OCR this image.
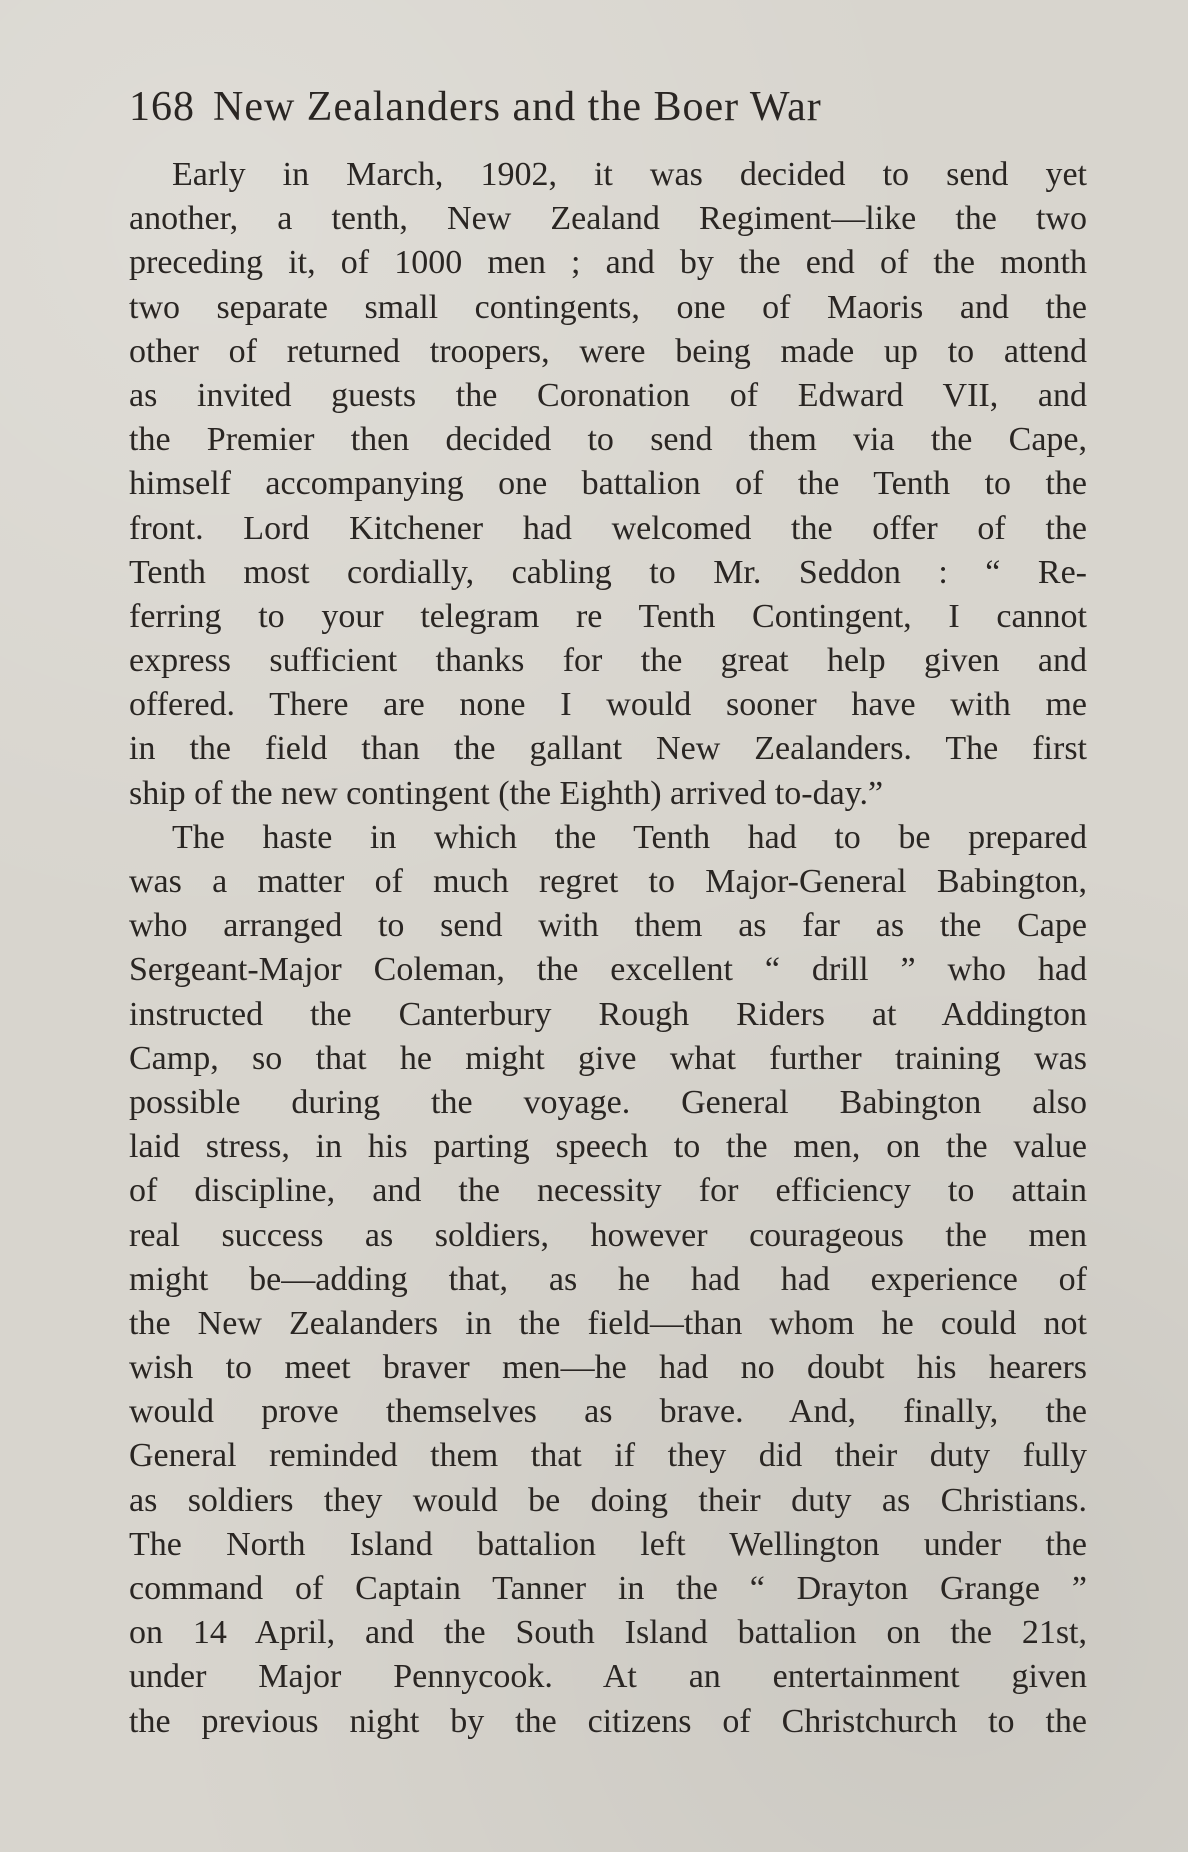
168 New Zealanders and the Boer War

Early in March, 1902, it was decided to send yet
another, a tenth, New Zealand Regiment—like the two
preceding it, of 1000 men ; and by the end of the month
two separate small contingents, one of Maoris and the
other of returned troopers, were being made up to attend
as invited guests the Coronation of Edward VII, and
the Premier then decided to send them via the Cape,
himself accompanying one battalion of the Tenth to the
front. Lord Kitchener had welcomed the offer of the
Tenth most cordially, cabling to Mr. Seddon : “ Re-
ferring to your telegram re Tenth Contingent, I cannot
express sufficient thanks for the great help given and
offered. There are none I would sooner have with me
in the field than the gallant New Zealanders. The first
ship of the new contingent (the Eighth) arrived to-day.”

The haste in which the Tenth had to be prepared
was a matter of much regret to Major-General Babington,
who arranged to send with them as far as the Cape
Sergeant-Major Coleman, the excellent “ drill ” who had
instructed the Canterbury Rough Riders at Addington
Camp, so that he might give what further training was
possible during the voyage. General Babington also
laid stress, in his parting speech to the men, on the value
of discipline, and the necessity for efficiency to attain
real success as soldiers, however courageous the men
might be—adding that, as he had had experience of
the New Zealanders in the field—than whom he could not
wish to meet braver men—he had no doubt his hearers
would prove themselves as brave. And, finally, the
General reminded them that if they did their duty fully
as soldiers they would be doing their duty as Christians.
The North Island battalion left Wellington under the
command of Captain Tanner in the “ Drayton Grange ”
on 14 April, and the South Island battalion on the 21st,
under Major Pennycook. At an entertainment given
the previous night by the citizens of Christchurch to the
